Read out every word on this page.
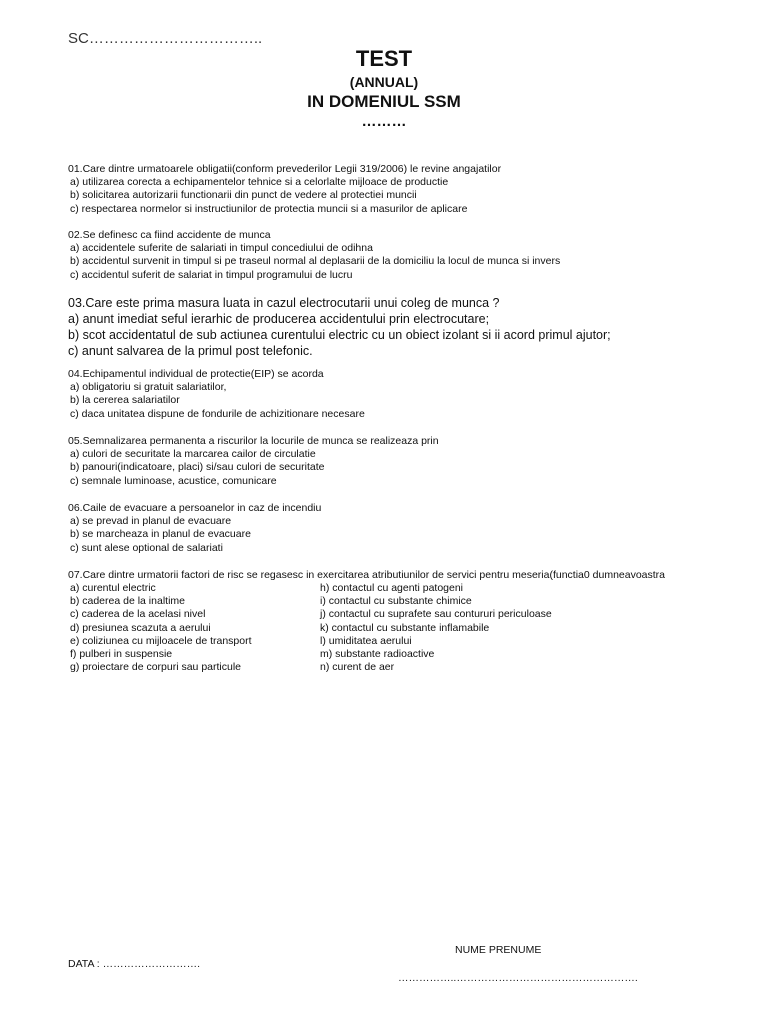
SC……………………………..
TEST
(ANNUAL)
IN DOMENIUL SSM
………
01.Care dintre urmatoarele obligatii(conform prevederilor Legii 319/2006) le revine angajatilor
a) utilizarea corecta a echipamentelor tehnice si a celorlalte mijloace de productie
b) solicitarea autorizarii functionarii din punct de vedere al protectiei muncii
c) respectarea normelor si instructiunilor de protectia muncii si a masurilor de aplicare
02.Se definesc ca fiind accidente de munca
a) accidentele suferite de salariati in timpul concediului de odihna
b) accidentul survenit in timpul si pe traseul normal al deplasarii de la domiciliu la locul de munca si invers
c) accidentul suferit de salariat in timpul programului de lucru
03.Care este prima masura luata in cazul electrocutarii unui coleg de munca ?
a) anunt imediat seful ierarhic de producerea accidentului prin electrocutare;
b) scot accidentatul de sub actiunea curentului electric cu un obiect izolant si ii acord primul ajutor;
c) anunt salvarea de la primul post telefonic.
04.Echipamentul individual de protectie(EIP) se acorda
a) obligatoriu si gratuit salariatilor,
b) la cererea salariatilor
c) daca unitatea dispune de fondurile de achizitionare necesare
05.Semnalizarea permanenta a riscurilor la locurile de munca se realizeaza prin
a) culori de securitate la marcarea cailor de circulatie
b) panouri(indicatoare, placi) si/sau culori de securitate
c) semnale luminoase, acustice, comunicare
06.Caile de evacuare a persoanelor in caz de incendiu
a) se prevad in planul de evacuare
b) se marcheaza in planul de evacuare
c) sunt alese optional de salariati
07.Care dintre urmatorii factori de risc se regasesc in exercitarea atributiunilor de servici pentru meseria(functia0 dumneavoastra
a) curentul electric	h) contactul cu agenti patogeni
b) caderea de la inaltime	i) contactul cu substante chimice
c) caderea de la acelasi nivel	j) contactul cu suprafete sau contururi periculoase
d) presiunea scazuta a aerului	k) contactul cu substante inflamabile
e) coliziunea cu mijloacele de transport	l) umiditatea aerului
f) pulberi in suspensie	m) substante radioactive
g) proiectare de corpuri sau particule	n) curent de aer
NUME PRENUME
DATA : ……………………….
……………..…………………………………………….
